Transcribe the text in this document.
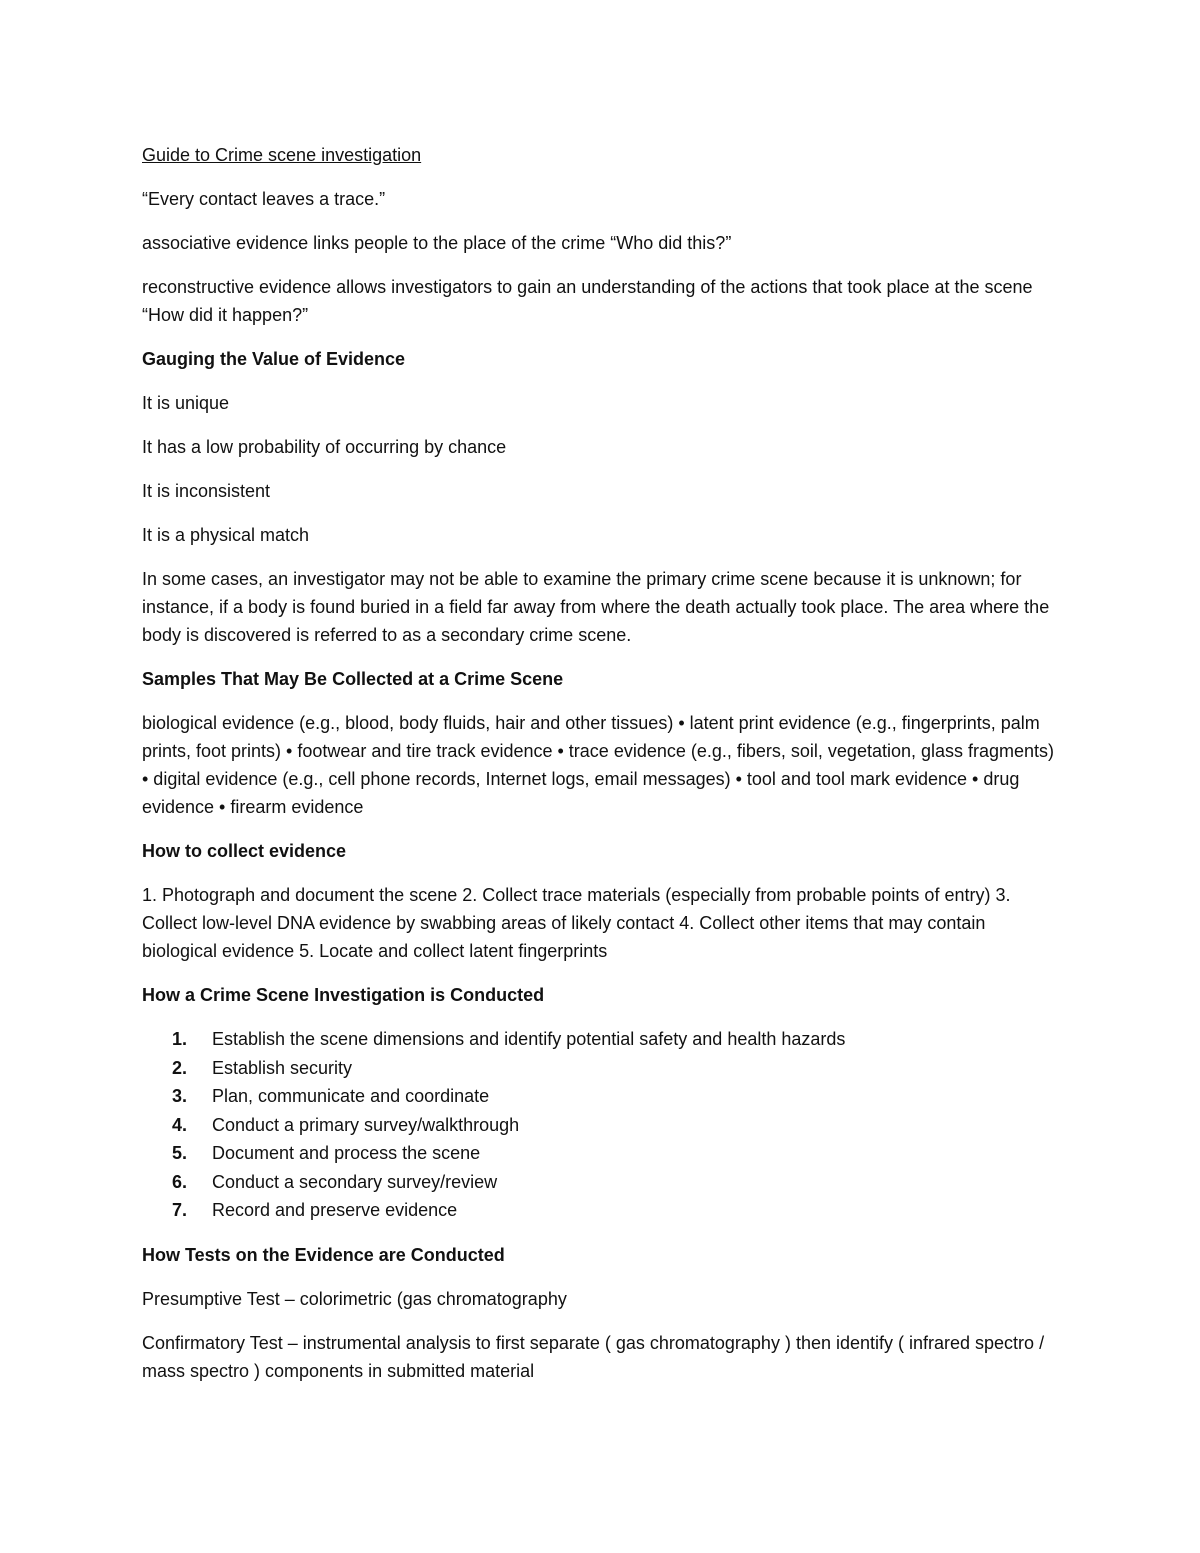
Guide to Crime scene investigation

“Every contact leaves a trace.”

associative evidence links people to the place of the crime “Who did this?”

reconstructive evidence allows investigators to gain an understanding of the actions that took place at the scene “How did it happen?”

Gauging the Value of Evidence

It is unique

It has a low probability of occurring by chance

It is inconsistent

It is a physical match

In some cases, an investigator may not be able to examine the primary crime scene because it is unknown; for instance, if a body is found buried in a field far away from where the death actually took place. The area where the body is discovered is referred to as a secondary crime scene.

Samples That May Be Collected at a Crime Scene

biological evidence (e.g., blood, body fluids, hair and other tissues) • latent print evidence (e.g., fingerprints, palm prints, foot prints) • footwear and tire track evidence • trace evidence (e.g., fibers, soil, vegetation, glass fragments) • digital evidence (e.g., cell phone records, Internet logs, email messages) • tool and tool mark evidence • drug evidence • firearm evidence

How to collect evidence

1. Photograph and document the scene 2. Collect trace materials (especially from probable points of entry) 3. Collect low-level DNA evidence by swabbing areas of likely contact 4. Collect other items that may contain biological evidence 5. Locate and collect latent fingerprints

How a Crime Scene Investigation is Conducted

1. Establish the scene dimensions and identify potential safety and health hazards
2. Establish security
3. Plan, communicate and coordinate
4. Conduct a primary survey/walkthrough
5. Document and process the scene
6. Conduct a secondary survey/review
7. Record and preserve evidence

How Tests on the Evidence are Conducted

Presumptive Test – colorimetric (gas chromatography

Confirmatory Test – instrumental analysis to first separate ( gas chromatography ) then identify ( infrared spectro / mass spectro ) components in submitted material
